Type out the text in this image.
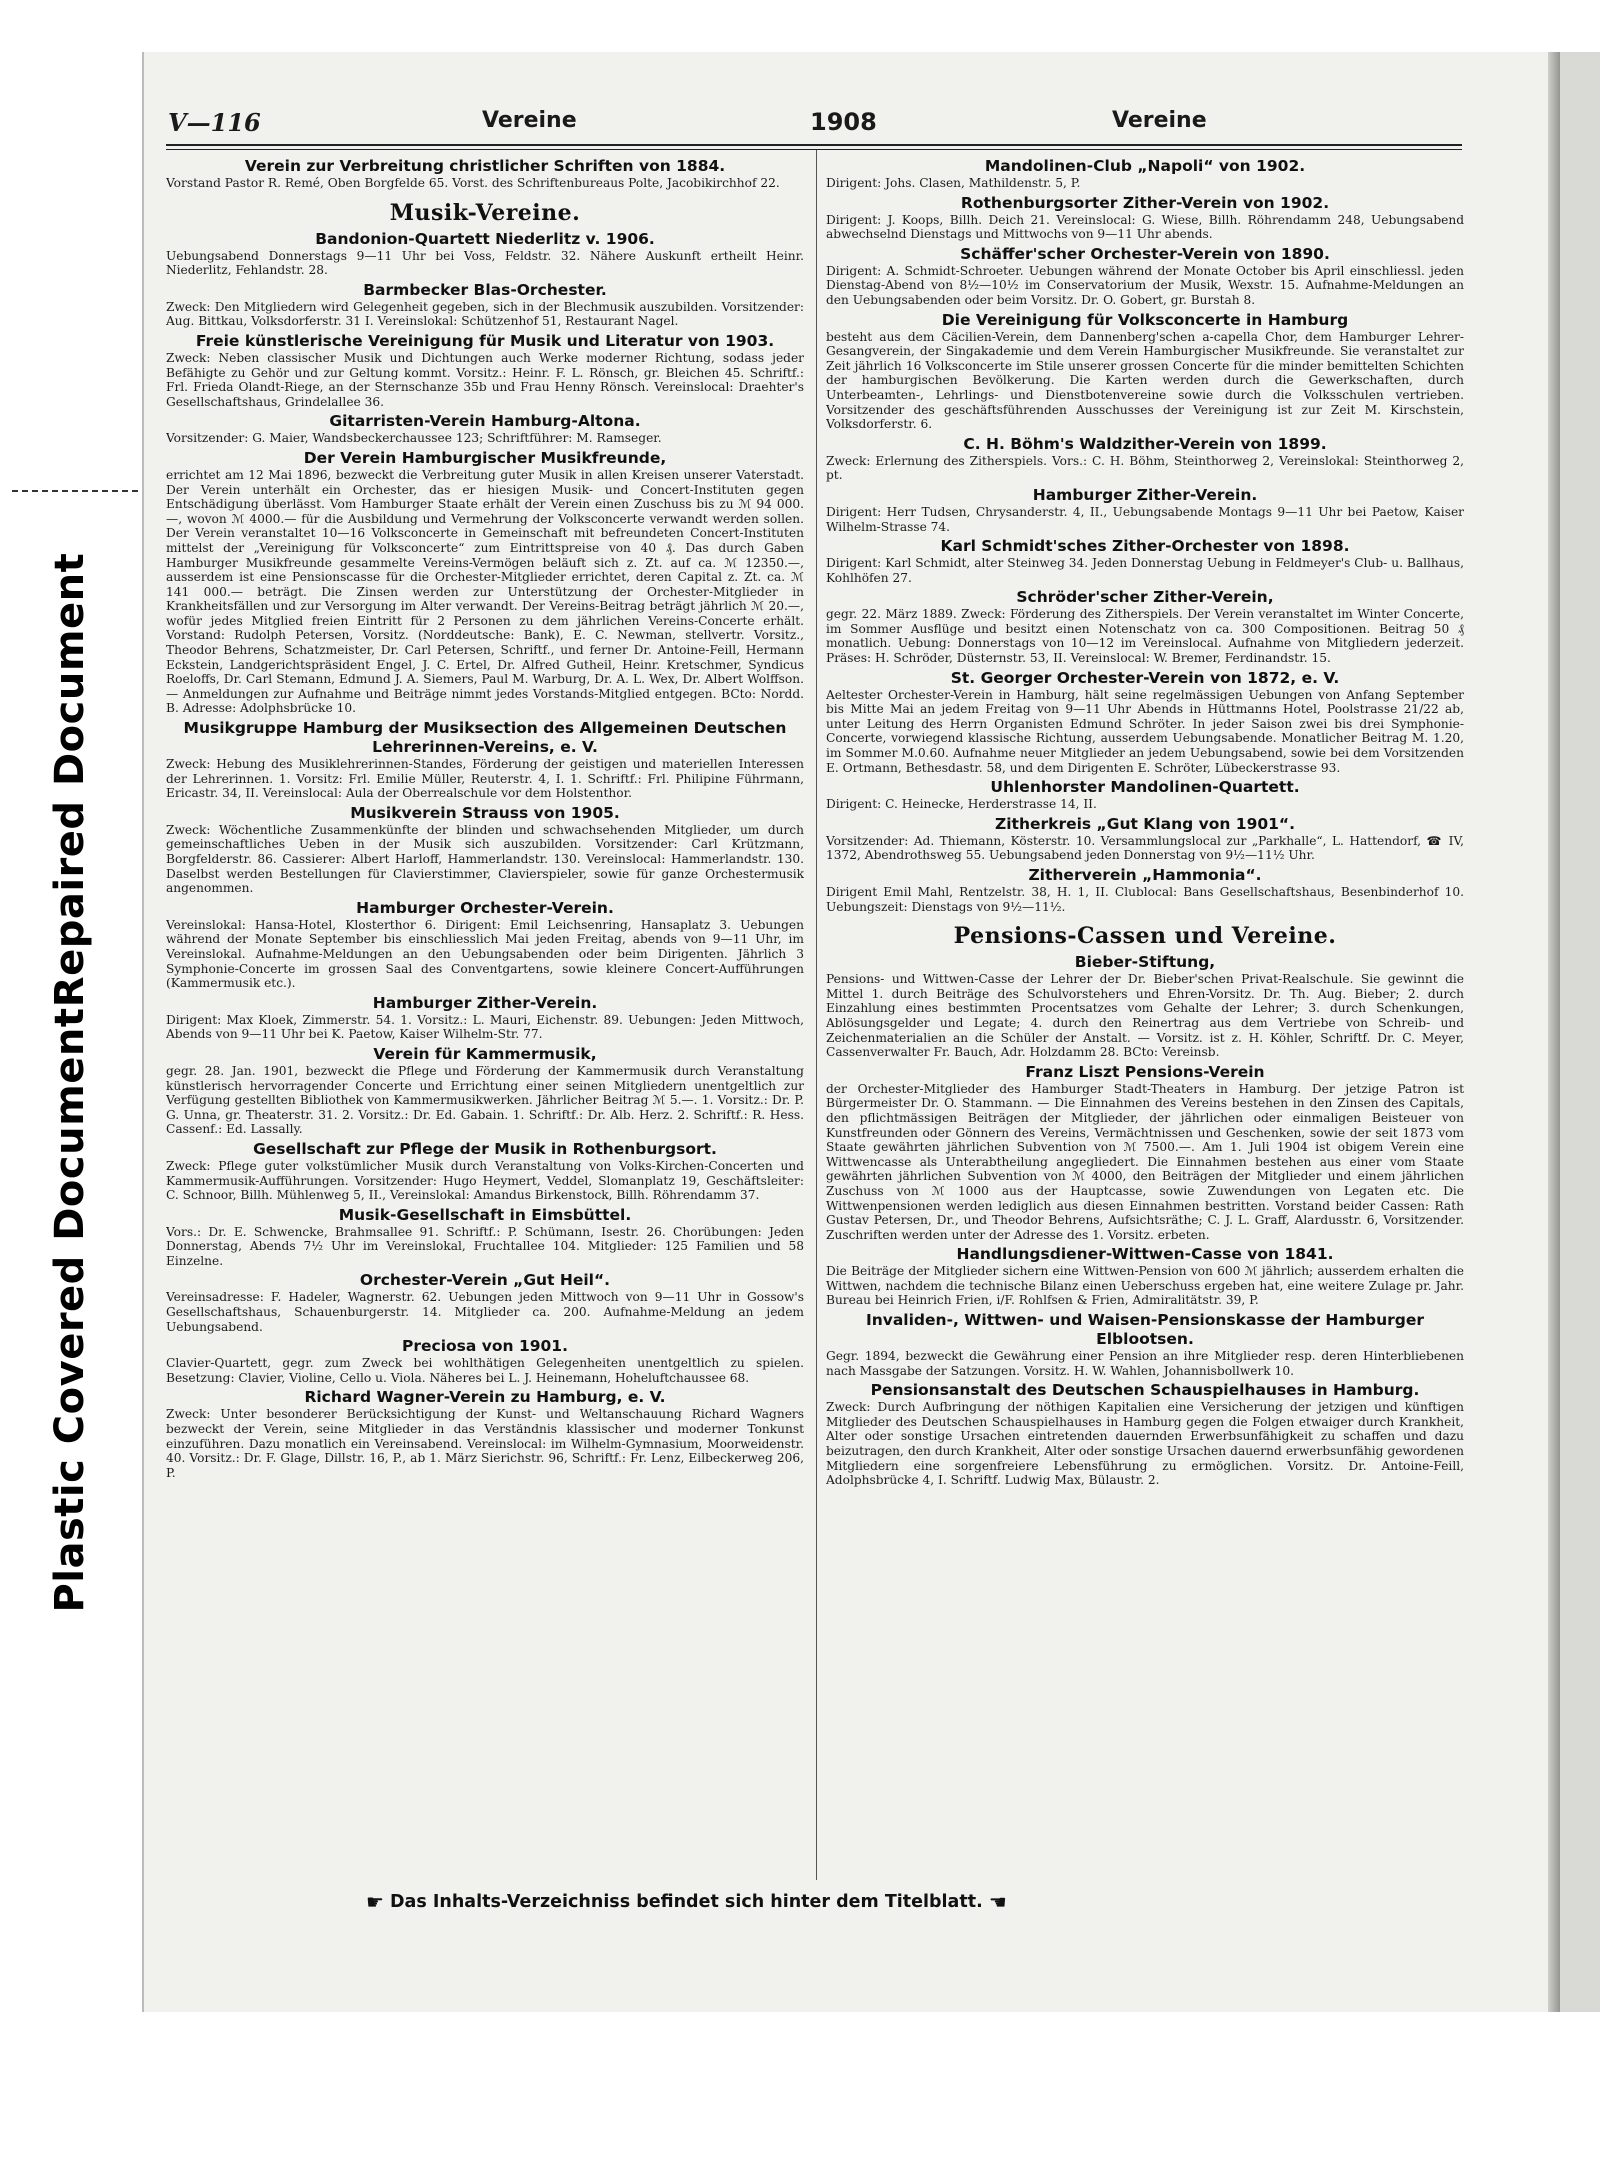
Repaired Document
Plastic Covered Document
V—116	Vereine	1908	Vereine
Verein zur Verbreitung christlicher Schriften von 1884.
Vorstand Pastor R. Remé, Oben Borgfelde 65. Vorst. des Schriftenbureaus Polte, Jacobikirchhof 22.
Musik-Vereine.
Bandonion-Quartett Niederlitz v. 1906.
Uebungsabend Donnerstags 9—11 Uhr bei Voss, Feldstr. 32. Nähere Auskunft ertheilt Heinr. Niederlitz, Fehlandstr. 28.
Barmbecker Blas-Orchester.
Zweck: Den Mitgliedern wird Gelegenheit gegeben, sich in der Blechmusik auszubilden. Vorsitzender: Aug. Bittkau, Volksdorferstr. 31 I. Vereinslokal: Schützenhof 51, Restaurant Nagel.
Freie künstlerische Vereinigung für Musik und Literatur von 1903.
Zweck: Neben classischer Musik und Dichtungen auch Werke moderner Richtung, sodass jeder Befähigte zu Gehör und zur Geltung kommt. Vorsitz.: Heinr. F. L. Rönsch, gr. Bleichen 45. Schriftf.: Frl. Frieda Olandt-Riege, an der Sternschanze 35b und Frau Henny Rönsch. Vereinslocal: Draehter's Gesellschaftshaus, Grindelallee 36.
Gitarristen-Verein Hamburg-Altona.
Vorsitzender: G. Maier, Wandsbeckerchaussee 123; Schriftführer: M. Ramseger.
Der Verein Hamburgischer Musikfreunde,
errichtet am 12 Mai 1896, bezweckt die Verbreitung guter Musik in allen Kreisen unserer Vaterstadt. Der Verein unterhält ein Orchester, das er hiesigen Musik- und Concert-Instituten gegen Entschädigung überlässt. Vom Hamburger Staate erhält der Verein einen Zuschuss bis zu ℳ 94 000.—, wovon ℳ 4000.— für die Ausbildung und Vermehrung der Volksconcerte verwandt werden sollen. Der Verein veranstaltet 10—16 Volksconcerte in Gemeinschaft mit befreundeten Concert-Instituten mittelst der „Vereinigung für Volksconcerte“ zum Eintrittspreise von 40 ₰. Das durch Gaben Hamburger Musikfreunde gesammelte Vereins-Vermögen beläuft sich z. Zt. auf ca. ℳ 12350.—, ausserdem ist eine Pensionscasse für die Orchester-Mitglieder errichtet, deren Capital z. Zt. ca. ℳ 141 000.— beträgt. Die Zinsen werden zur Unterstützung der Orchester-Mitglieder in Krankheitsfällen und zur Versorgung im Alter verwandt. Der Vereins-Beitrag beträgt jährlich ℳ 20.—, wofür jedes Mitglied freien Eintritt für 2 Personen zu dem jährlichen Vereins-Concerte erhält. Vorstand: Rudolph Petersen, Vorsitz. (Norddeutsche: Bank), E. C. Newman, stellvertr. Vorsitz., Theodor Behrens, Schatzmeister, Dr. Carl Petersen, Schriftf., und ferner Dr. Antoine-Feill, Hermann Eckstein, Landgerichtspräsident Engel, J. C. Ertel, Dr. Alfred Gutheil, Heinr. Kretschmer, Syndicus Roeloffs, Dr. Carl Stemann, Edmund J. A. Siemers, Paul M. Warburg, Dr. A. L. Wex, Dr. Albert Wolffson. — Anmeldungen zur Aufnahme und Beiträge nimmt jedes Vorstands-Mitglied entgegen. BCto: Nordd. B. Adresse: Adolphsbrücke 10.
Musikgruppe Hamburg der Musiksection des Allgemeinen Deutschen Lehrerinnen-Vereins, e. V.
Zweck: Hebung des Musiklehrerinnen-Standes, Förderung der geistigen und materiellen Interessen der Lehrerinnen. 1. Vorsitz: Frl. Emilie Müller, Reuterstr. 4, I. 1. Schriftf.: Frl. Philipine Führmann, Ericastr. 34, II. Vereinslocal: Aula der Oberrealschule vor dem Holstenthor.
Musikverein Strauss von 1905.
Zweck: Wöchentliche Zusammenkünfte der blinden und schwachsehenden Mitglieder, um durch gemeinschaftliches Ueben in der Musik sich auszubilden. Vorsitzender: Carl Krützmann, Borgfelderstr. 86. Cassierer: Albert Harloff, Hammerlandstr. 130. Vereinslocal: Hammerlandstr. 130. Daselbst werden Bestellungen für Clavierstimmer, Clavierspieler, sowie für ganze Orchestermusik angenommen.
Hamburger Orchester-Verein.
Vereinslokal: Hansa-Hotel, Klosterthor 6. Dirigent: Emil Leichsenring, Hansaplatz 3. Uebungen während der Monate September bis einschliesslich Mai jeden Freitag, abends von 9—11 Uhr, im Vereinslokal. Aufnahme-Meldungen an den Uebungsabenden oder beim Dirigenten. Jährlich 3 Symphonie-Concerte im grossen Saal des Conventgartens, sowie kleinere Concert-Aufführungen (Kammermusik etc.).
Hamburger Zither-Verein.
Dirigent: Max Kloek, Zimmerstr. 54. 1. Vorsitz.: L. Mauri, Eichenstr. 89. Uebungen: Jeden Mittwoch, Abends von 9—11 Uhr bei K. Paetow, Kaiser Wilhelm-Str. 77.
Verein für Kammermusik,
gegr. 28. Jan. 1901, bezweckt die Pflege und Förderung der Kammermusik durch Veranstaltung künstlerisch hervorragender Concerte und Errichtung einer seinen Mitgliedern unentgeltlich zur Verfügung gestellten Bibliothek von Kammermusikwerken. Jährlicher Beitrag ℳ 5.—. 1. Vorsitz.: Dr. P. G. Unna, gr. Theaterstr. 31. 2. Vorsitz.: Dr. Ed. Gabain. 1. Schriftf.: Dr. Alb. Herz. 2. Schriftf.: R. Hess. Cassenf.: Ed. Lassally.
Gesellschaft zur Pflege der Musik in Rothenburgsort.
Zweck: Pflege guter volkstümlicher Musik durch Veranstaltung von Volks-Kirchen-Concerten und Kammermusik-Aufführungen. Vorsitzender: Hugo Heymert, Veddel, Slomanplatz 19, Geschäftsleiter: C. Schnoor, Billh. Mühlenweg 5, II., Vereinslokal: Amandus Birkenstock, Billh. Röhrendamm 37.
Musik-Gesellschaft in Eimsbüttel.
Vors.: Dr. E. Schwencke, Brahmsallee 91. Schriftf.: P. Schümann, Isestr. 26. Chorübungen: Jeden Donnerstag, Abends 7½ Uhr im Vereinslokal, Fruchtallee 104. Mitglieder: 125 Familien und 58 Einzelne.
Orchester-Verein „Gut Heil“.
Vereinsadresse: F. Hadeler, Wagnerstr. 62. Uebungen jeden Mittwoch von 9—11 Uhr in Gossow's Gesellschaftshaus, Schauenburgerstr. 14. Mitglieder ca. 200. Aufnahme-Meldung an jedem Uebungsabend.
Preciosa von 1901.
Clavier-Quartett, gegr. zum Zweck bei wohlthätigen Gelegenheiten unentgeltlich zu spielen. Besetzung: Clavier, Violine, Cello u. Viola. Näheres bei L. J. Heinemann, Hoheluftchaussee 68.
Richard Wagner-Verein zu Hamburg, e. V.
Zweck: Unter besonderer Berücksichtigung der Kunst- und Weltanschauung Richard Wagners bezweckt der Verein, seine Mitglieder in das Verständnis klassischer und moderner Tonkunst einzuführen. Dazu monatlich ein Vereinsabend. Vereinslocal: im Wilhelm-Gymnasium, Moorweidenstr. 40. Vorsitz.: Dr. F. Glage, Dillstr. 16, P., ab 1. März Sierichstr. 96, Schriftf.: Fr. Lenz, Eilbeckerweg 206, P.
Mandolinen-Club „Napoli“ von 1902.
Dirigent: Johs. Clasen, Mathildenstr. 5, P.
Rothenburgsorter Zither-Verein von 1902.
Dirigent: J. Koops, Billh. Deich 21. Vereinslocal: G. Wiese, Billh. Röhrendamm 248, Uebungsabend abwechselnd Dienstags und Mittwochs von 9—11 Uhr abends.
Schäffer'scher Orchester-Verein von 1890.
Dirigent: A. Schmidt-Schroeter. Uebungen während der Monate October bis April einschliessl. jeden Dienstag-Abend von 8½—10½ im Conservatorium der Musik, Wexstr. 15. Aufnahme-Meldungen an den Uebungsabenden oder beim Vorsitz. Dr. O. Gobert, gr. Burstah 8.
Die Vereinigung für Volksconcerte in Hamburg
besteht aus dem Cäcilien-Verein, dem Dannenberg'schen a-capella Chor, dem Hamburger Lehrer-Gesangverein, der Singakademie und dem Verein Hamburgischer Musikfreunde. Sie veranstaltet zur Zeit jährlich 16 Volksconcerte im Stile unserer grossen Concerte für die minder bemittelten Schichten der hamburgischen Bevölkerung. Die Karten werden durch die Gewerkschaften, durch Unterbeamten-, Lehrlings- und Dienstbotenvereine sowie durch die Volksschulen vertrieben. Vorsitzender des geschäftsführenden Ausschusses der Vereinigung ist zur Zeit M. Kirschstein, Volksdorferstr. 6.
C. H. Böhm's Waldzither-Verein von 1899.
Zweck: Erlernung des Zitherspiels. Vors.: C. H. Böhm, Steinthorweg 2, Vereinslokal: Steinthorweg 2, pt.
Hamburger Zither-Verein.
Dirigent: Herr Tudsen, Chrysanderstr. 4, II., Uebungsabende Montags 9—11 Uhr bei Paetow, Kaiser Wilhelm-Strasse 74.
Karl Schmidt'sches Zither-Orchester von 1898.
Dirigent: Karl Schmidt, alter Steinweg 34. Jeden Donnerstag Uebung in Feldmeyer's Club- u. Ballhaus, Kohlhöfen 27.
Schröder'scher Zither-Verein,
gegr. 22. März 1889. Zweck: Förderung des Zitherspiels. Der Verein veranstaltet im Winter Concerte, im Sommer Ausflüge und besitzt einen Notenschatz von ca. 300 Compositionen. Beitrag 50 ₰ monatlich. Uebung: Donnerstags von 10—12 im Vereinslocal. Aufnahme von Mitgliedern jederzeit. Präses: H. Schröder, Düsternstr. 53, II. Vereinslocal: W. Bremer, Ferdinandstr. 15.
St. Georger Orchester-Verein von 1872, e. V.
Aeltester Orchester-Verein in Hamburg, hält seine regelmässigen Uebungen von Anfang September bis Mitte Mai an jedem Freitag von 9—11 Uhr Abends in Hüttmanns Hotel, Poolstrasse 21/22 ab, unter Leitung des Herrn Organisten Edmund Schröter. In jeder Saison zwei bis drei Symphonie-Concerte, vorwiegend klassische Richtung, ausserdem Uebungsabende. Monatlicher Beitrag M. 1.20, im Sommer M.0.60. Aufnahme neuer Mitglieder an jedem Uebungsabend, sowie bei dem Vorsitzenden E. Ortmann, Bethesdastr. 58, und dem Dirigenten E. Schröter, Lübeckerstrasse 93.
Uhlenhorster Mandolinen-Quartett.
Dirigent: C. Heinecke, Herderstrasse 14, II.
Zitherkreis „Gut Klang von 1901“.
Vorsitzender: Ad. Thiemann, Kösterstr. 10. Versammlungslocal zur „Parkhalle“, L. Hattendorf, ☎ IV, 1372, Abendrothsweg 55. Uebungsabend jeden Donnerstag von 9½—11½ Uhr.
Zitherverein „Hammonia“.
Dirigent Emil Mahl, Rentzelstr. 38, H. 1, II. Clublocal: Bans Gesellschaftshaus, Besenbinderhof 10. Uebungszeit: Dienstags von 9½—11½.
Pensions-Cassen und Vereine.
Bieber-Stiftung,
Pensions- und Wittwen-Casse der Lehrer der Dr. Bieber'schen Privat-Realschule. Sie gewinnt die Mittel 1. durch Beiträge des Schulvorstehers und Ehren-Vorsitz. Dr. Th. Aug. Bieber; 2. durch Einzahlung eines bestimmten Procentsatzes vom Gehalte der Lehrer; 3. durch Schenkungen, Ablösungsgelder und Legate; 4. durch den Reinertrag aus dem Vertriebe von Schreib- und Zeichenmaterialien an die Schüler der Anstalt. — Vorsitz. ist z. H. Köhler, Schriftf. Dr. C. Meyer, Cassenverwalter Fr. Bauch, Adr. Holzdamm 28. BCto: Vereinsb.
Franz Liszt Pensions-Verein
der Orchester-Mitglieder des Hamburger Stadt-Theaters in Hamburg. Der jetzige Patron ist Bürgermeister Dr. O. Stammann. — Die Einnahmen des Vereins bestehen in den Zinsen des Capitals, den pflichtmässigen Beiträgen der Mitglieder, der jährlichen oder einmaligen Beisteuer von Kunstfreunden oder Gönnern des Vereins, Vermächtnissen und Geschenken, sowie der seit 1873 vom Staate gewährten jährlichen Subvention von ℳ 7500.—. Am 1. Juli 1904 ist obigem Verein eine Wittwencasse als Unterabtheilung angegliedert. Die Einnahmen bestehen aus einer vom Staate gewährten jährlichen Subvention von ℳ 4000, den Beiträgen der Mitglieder und einem jährlichen Zuschuss von ℳ 1000 aus der Hauptcasse, sowie Zuwendungen von Legaten etc. Die Wittwenpensionen werden lediglich aus diesen Einnahmen bestritten. Vorstand beider Cassen: Rath Gustav Petersen, Dr., und Theodor Behrens, Aufsichtsräthe; C. J. L. Graff, Alardusstr. 6, Vorsitzender. Zuschriften werden unter der Adresse des 1. Vorsitz. erbeten.
Handlungsdiener-Wittwen-Casse von 1841.
Die Beiträge der Mitglieder sichern eine Wittwen-Pension von 600 ℳ jährlich; ausserdem erhalten die Wittwen, nachdem die technische Bilanz einen Ueberschuss ergeben hat, eine weitere Zulage pr. Jahr. Bureau bei Heinrich Frien, i/F. Rohlfsen & Frien, Admiralitätstr. 39, P.
Invaliden-, Wittwen- und Waisen-Pensionskasse der Hamburger Elblootsen.
Gegr. 1894, bezweckt die Gewährung einer Pension an ihre Mitglieder resp. deren Hinterbliebenen nach Massgabe der Satzungen. Vorsitz. H. W. Wahlen, Johannisbollwerk 10.
Pensionsanstalt des Deutschen Schauspielhauses in Hamburg.
Zweck: Durch Aufbringung der nöthigen Kapitalien eine Versicherung der jetzigen und künftigen Mitglieder des Deutschen Schauspielhauses in Hamburg gegen die Folgen etwaiger durch Krankheit, Alter oder sonstige Ursachen eintretenden dauernden Erwerbsunfähigkeit zu schaffen und dazu beizutragen, den durch Krankheit, Alter oder sonstige Ursachen dauernd erwerbsunfähig gewordenen Mitgliedern eine sorgenfreiere Lebensführung zu ermöglichen. Vorsitz. Dr. Antoine-Feill, Adolphsbrücke 4, I. Schriftf. Ludwig Max, Bülaustr. 2.
☛ Das Inhalts-Verzeichniss befindet sich hinter dem Titelblatt. ☚
